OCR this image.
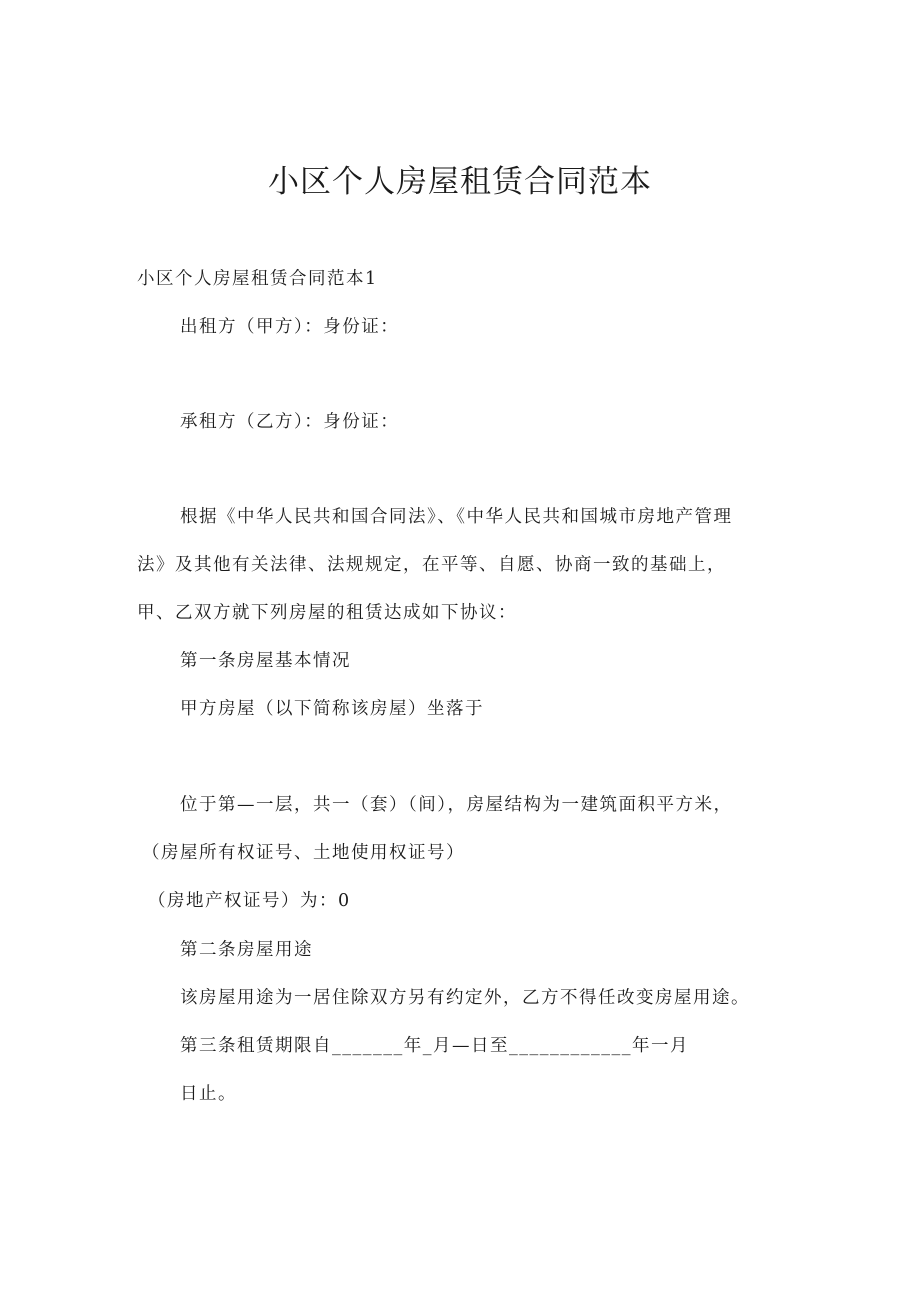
小区个人房屋租赁合同范本
小区个人房屋租赁合同范本1
出租方（甲方）：身份证：
承租方（乙方）：身份证：
根据《中华人民共和国合同法》、《中华人民共和国城市房地产管理
法》及其他有关法律、法规规定，在平等、自愿、协商一致的基础上，
甲、乙双方就下列房屋的租赁达成如下协议：
第一条房屋基本情况
甲方房屋（以下简称该房屋）坐落于
位于第—一层，共一（套）（间），房屋结构为一建筑面积平方米，
（房屋所有权证号、土地使用权证号）
（房地产权证号）为：0
第二条房屋用途
该房屋用途为一居住除双方另有约定外，乙方不得任改变房屋用途。
第三条租赁期限自_______年_月—日至____________年一月
日止。
